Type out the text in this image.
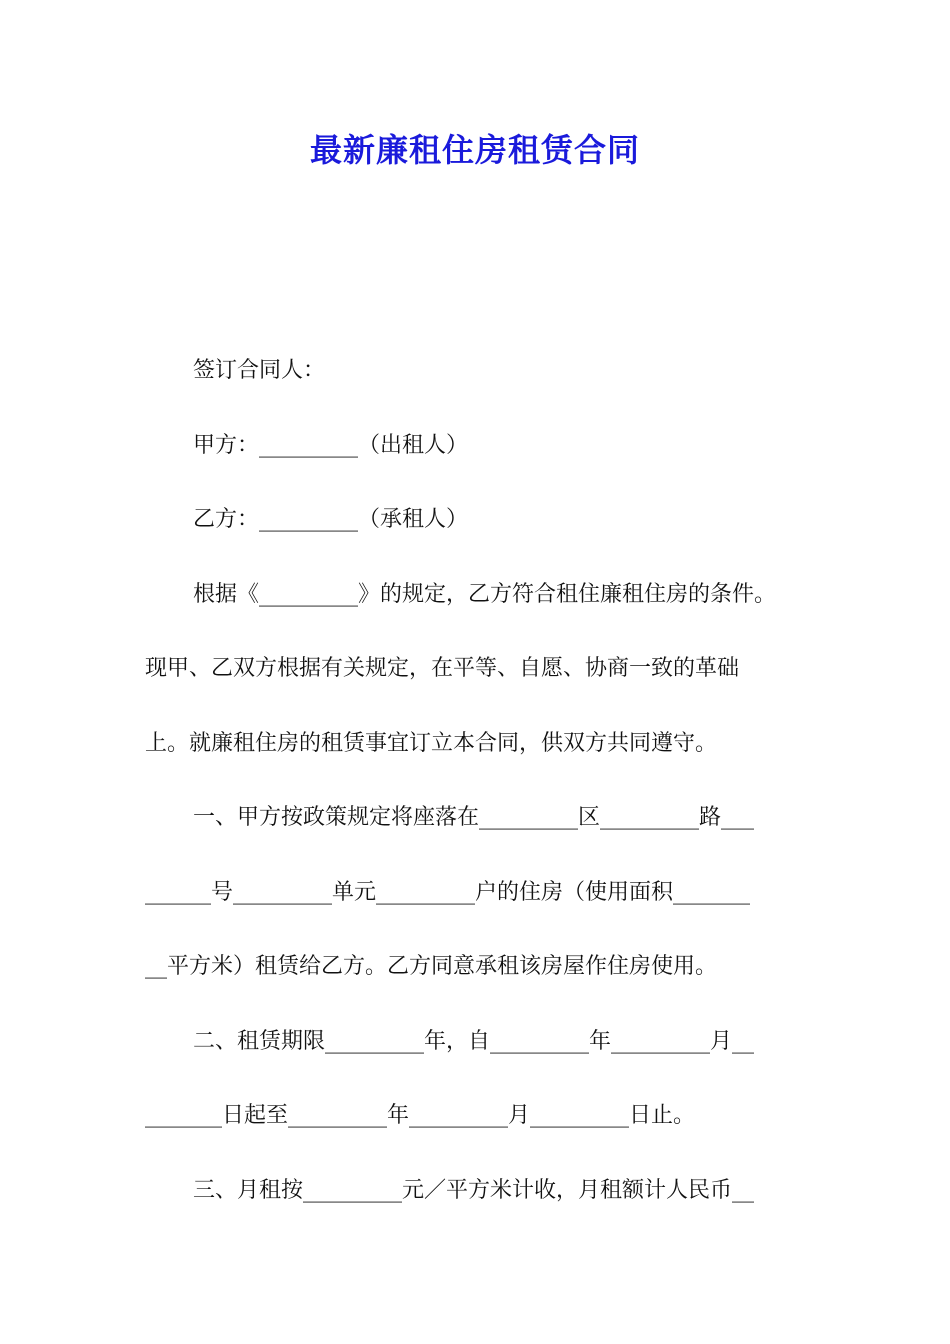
最新廉租住房租赁合同
签订合同人：
甲方：_________（出租人）
乙方：_________（承租人）
根据《_________》的规定，乙方符合租住廉租住房的条件。
现甲、乙双方根据有关规定，在平等、自愿、协商一致的革础
上。就廉租住房的租赁事宜订立本合同，供双方共同遵守。
一、甲方按政策规定将座落在_________区_________路___
______号_________单元_________户的住房（使用面积_______
__平方米）租赁给乙方。乙方同意承租该房屋作住房使用。
二、租赁期限_________年，自_________年_________月__
_______日起至_________年_________月_________日止。
三、月租按_________元／平方米计收，月租额计人民币__
